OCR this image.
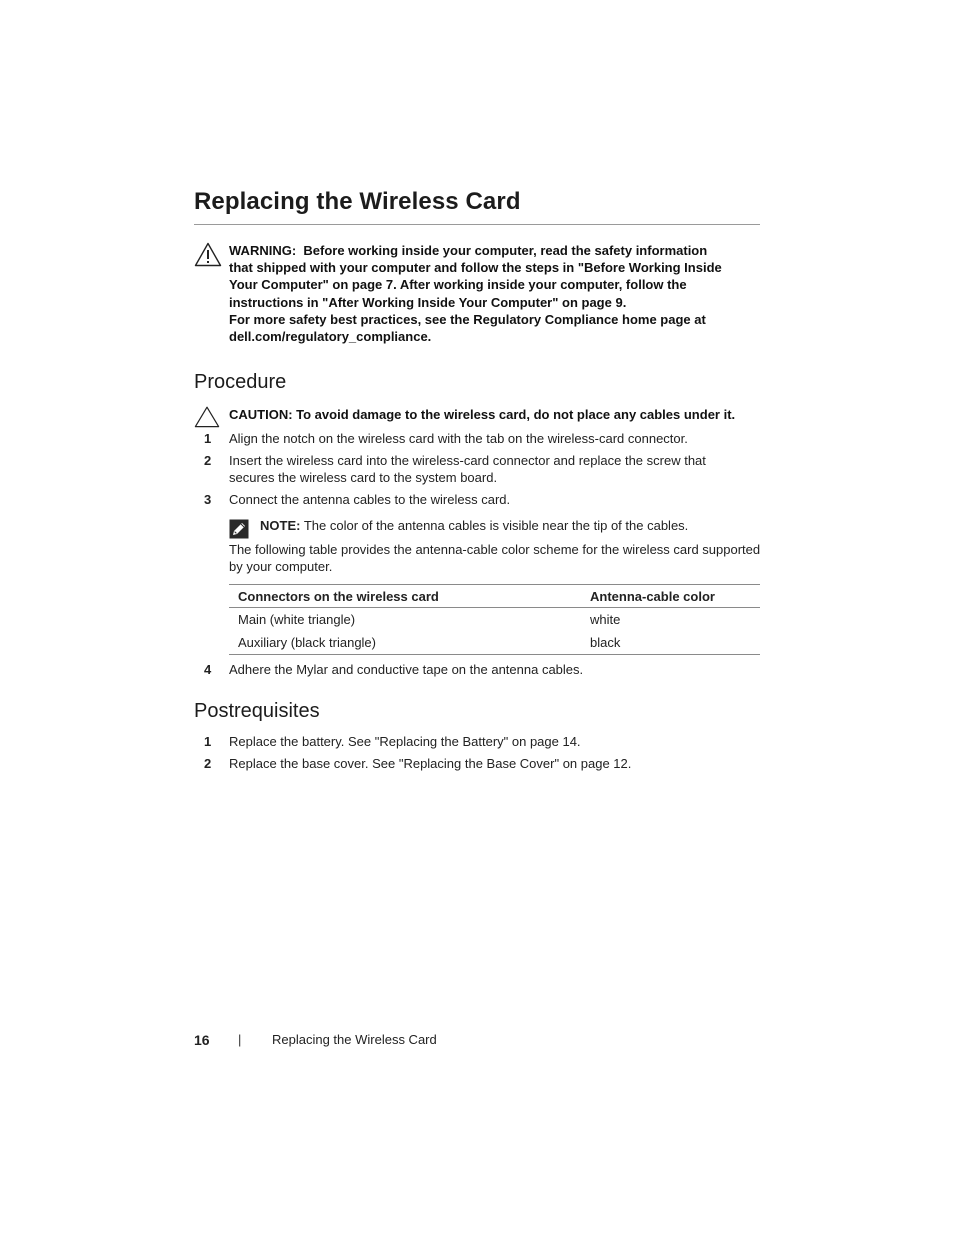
Replacing the Wireless Card
WARNING:  Before working inside your computer, read the safety information
that shipped with your computer and follow the steps in "Before Working Inside
Your Computer" on page 7. After working inside your computer, follow the
instructions in "After Working Inside Your Computer" on page 9.
For more safety best practices, see the Regulatory Compliance home page at
dell.com/regulatory_compliance.
Procedure
CAUTION: To avoid damage to the wireless card, do not place any cables under it.
1 Align the notch on the wireless card with the tab on the wireless-card connector.
2 Insert the wireless card into the wireless-card connector and replace the screw that secures the wireless card to the system board.
3 Connect the antenna cables to the wireless card.
NOTE: The color of the antenna cables is visible near the tip of the cables.
The following table provides the antenna-cable color scheme for the wireless card supported by your computer.
Connectors on the wireless card	Antenna-cable color
Main (white triangle)	white
Auxiliary (black triangle)	black
4 Adhere the Mylar and conductive tape on the antenna cables.
Postrequisites
1 Replace the battery. See "Replacing the Battery" on page 14.
2 Replace the base cover. See "Replacing the Base Cover" on page 12.
16 | Replacing the Wireless Card
